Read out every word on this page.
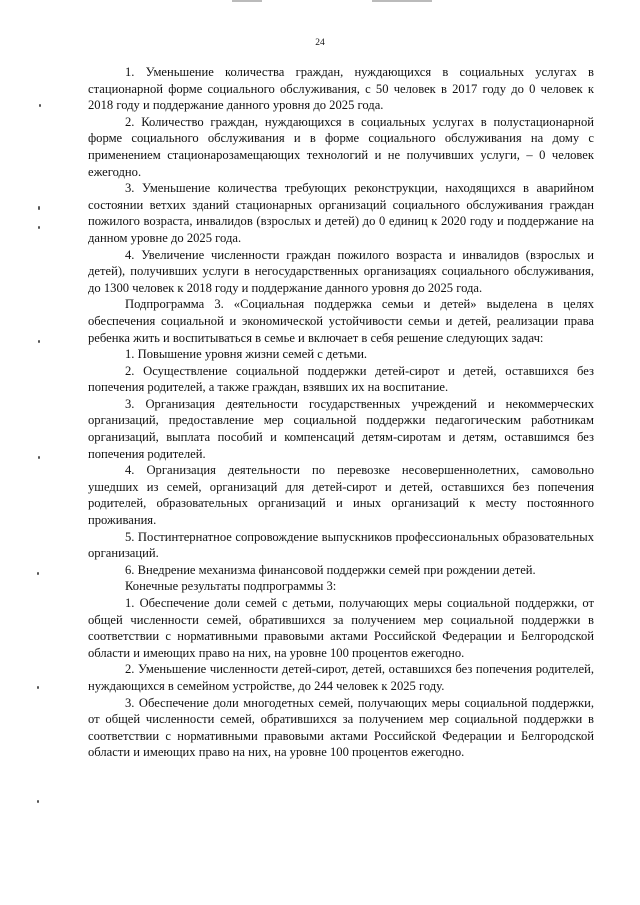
24

1. Уменьшение количества граждан, нуждающихся в социальных услугах в стационарной форме социального обслуживания, с 50 человек в 2017 году до 0 человек к 2018 году и поддержание данного уровня до 2025 года.

2. Количество граждан, нуждающихся в социальных услугах в полустационарной форме социального обслуживания и в форме социального обслуживания на дому с применением стационарозамещающих технологий и не получивших услуги, – 0 человек ежегодно.

3. Уменьшение количества требующих реконструкции, находящихся в аварийном состоянии ветхих зданий стационарных организаций социального обслуживания граждан пожилого возраста, инвалидов (взрослых и детей) до 0 единиц к 2020 году и поддержание на данном уровне до 2025 года.

4. Увеличение численности граждан пожилого возраста и инвалидов (взрослых и детей), получивших услуги в негосударственных организациях социального обслуживания, до 1300 человек к 2018 году и поддержание данного уровня до 2025 года.

Подпрограмма 3. «Социальная поддержка семьи и детей» выделена в целях обеспечения социальной и экономической устойчивости семьи и детей, реализации права ребенка жить и воспитываться в семье и включает в себя решение следующих задач:

1. Повышение уровня жизни семей с детьми.

2. Осуществление социальной поддержки детей-сирот и детей, оставшихся без попечения родителей, а также граждан, взявших их на воспитание.

3. Организация деятельности государственных учреждений и некоммерческих организаций, предоставление мер социальной поддержки педагогическим работникам организаций, выплата пособий и компенсаций детям-сиротам и детям, оставшимся без попечения родителей.

4. Организация деятельности по перевозке несовершеннолетних, самовольно ушедших из семей, организаций для детей-сирот и детей, оставшихся без попечения родителей, образовательных организаций и иных организаций к месту постоянного проживания.

5. Постинтернатное сопровождение выпускников профессиональных образовательных организаций.

6. Внедрение механизма финансовой поддержки семей при рождении детей.

Конечные результаты подпрограммы 3:

1. Обеспечение доли семей с детьми, получающих меры социальной поддержки, от общей численности семей, обратившихся за получением мер социальной поддержки в соответствии с нормативными правовыми актами Российской Федерации и Белгородской области и имеющих право на них, на уровне 100 процентов ежегодно.

2. Уменьшение численности детей-сирот, детей, оставшихся без попечения родителей, нуждающихся в семейном устройстве, до 244 человек к 2025 году.

3. Обеспечение доли многодетных семей, получающих меры социальной поддержки, от общей численности семей, обратившихся за получением мер социальной поддержки в соответствии с нормативными правовыми актами Российской Федерации и Белгородской области и имеющих право на них, на уровне 100 процентов ежегодно.
